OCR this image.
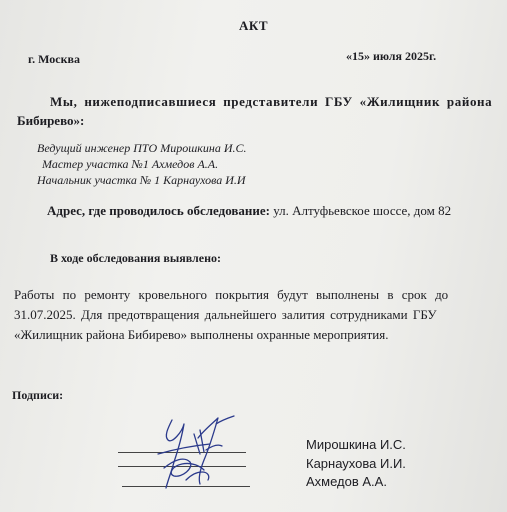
АКТ
г. Москва	«15» июля 2025г.
Мы, нижеподписавшиеся представители ГБУ «Жилищник района
Бибирево»:
Ведущий инженер ПТО Мирошкина И.С.
Мастер участка №1 Ахмедов А.А.
Начальник участка № 1 Карнаухова И.И
Адрес, где проводилось обследование: ул. Алтуфьевское шоссе, дом 82
В ходе обследования выявлено:
Работы по ремонту кровельного покрытия будут выполнены в срок до
31.07.2025. Для предотвращения дальнейшего залития сотрудниками ГБУ
«Жилищник района Бибирево» выполнены охранные мероприятия.
Подписи:
Мирошкина И.С.
Карнаухова И.И.
Ахмедов А.А.
